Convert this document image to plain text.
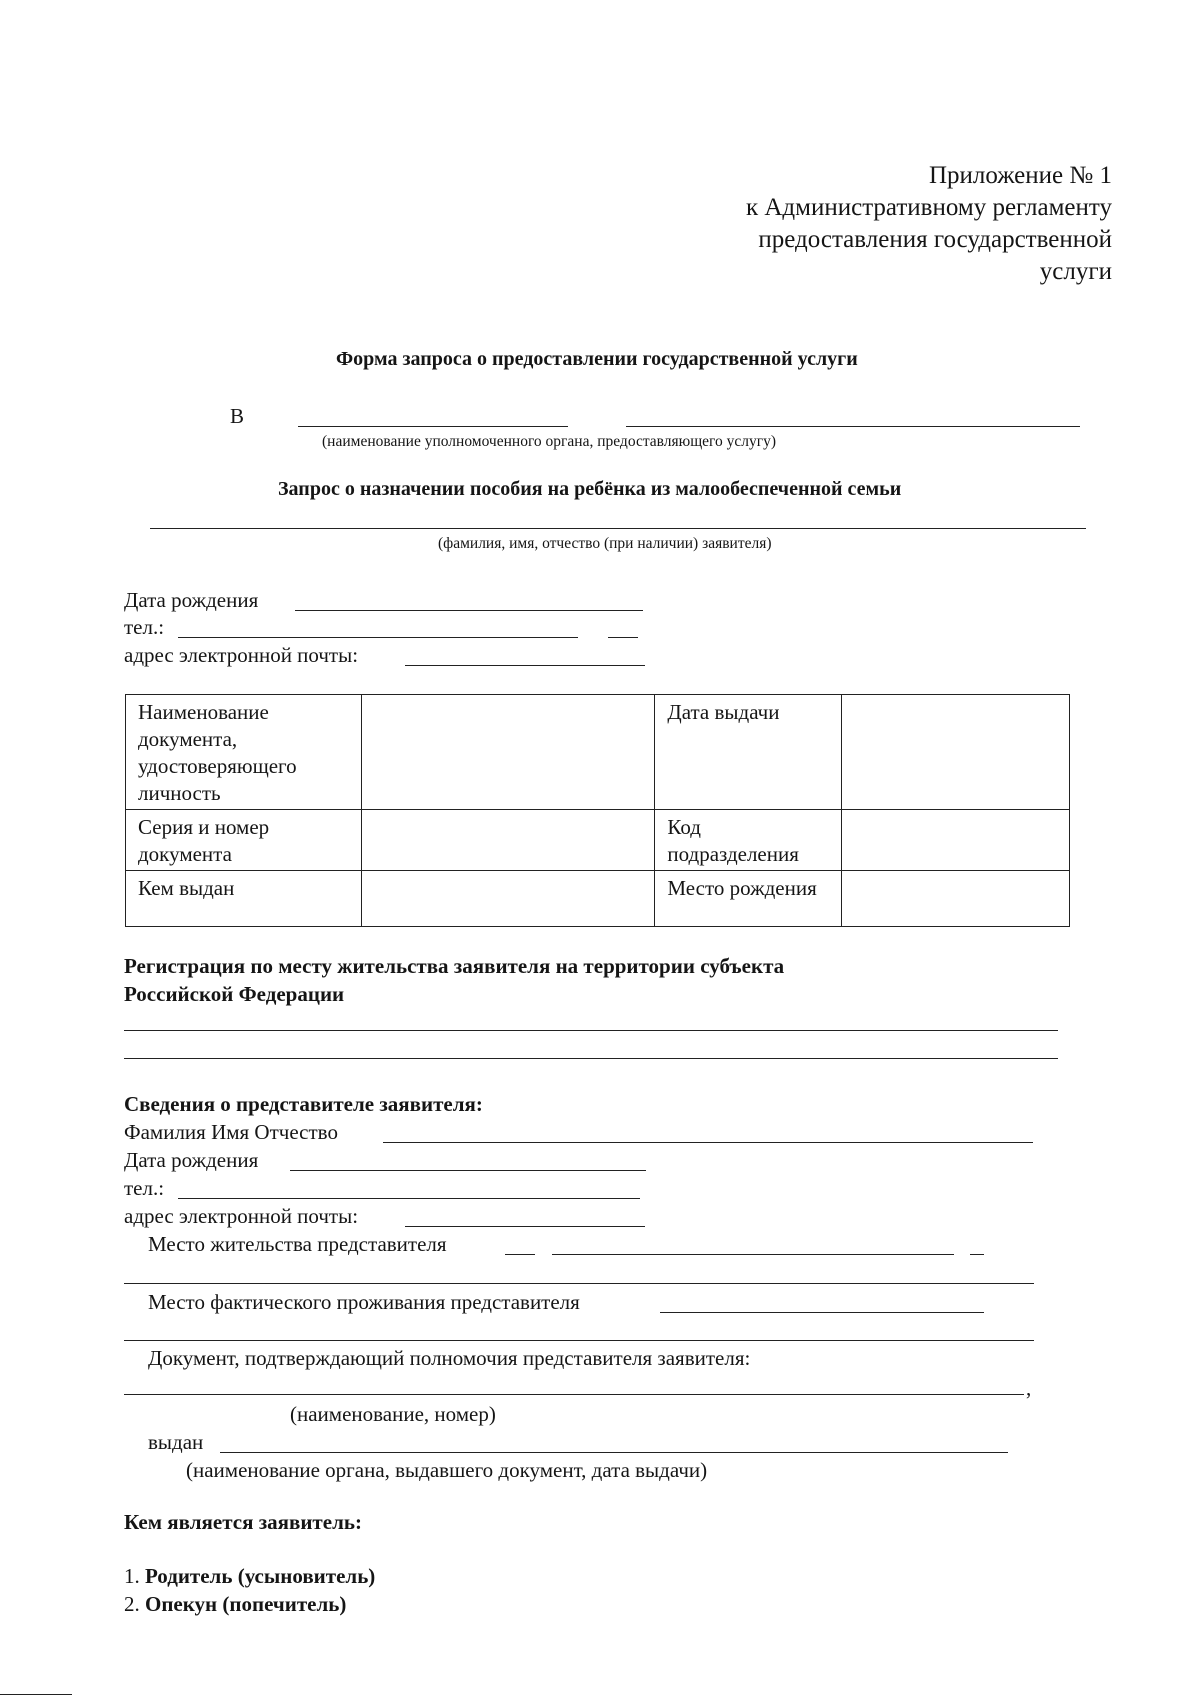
Приложение № 1
к Административному регламенту
предоставления государственной
услуги
Форма запроса о предоставлении государственной услуги
В
(наименование уполномоченного органа, предоставляющего услугу)
Запрос о назначении пособия на ребёнка из малообеспеченной семьи
(фамилия, имя, отчество (при наличии) заявителя)
Дата рождения
тел.:
адрес электронной почты:
Наименование документа, удостоверяющего личность		Дата выдачи	
Серия и номер документа		Код подразделения	
Кем выдан		Место рождения	
Регистрация по месту жительства заявителя на территории субъекта
Российской Федерации
Сведения о представителе заявителя:
Фамилия Имя Отчество
Дата рождения
тел.:
адрес электронной почты:
Место жительства представителя
Место фактического проживания представителя
Документ, подтверждающий полномочия представителя заявителя:
,
(наименование, номер)
выдан
(наименование органа, выдавшего документ, дата выдачи)
Кем является заявитель:
1. Родитель (усыновитель)
2. Опекун (попечитель)
